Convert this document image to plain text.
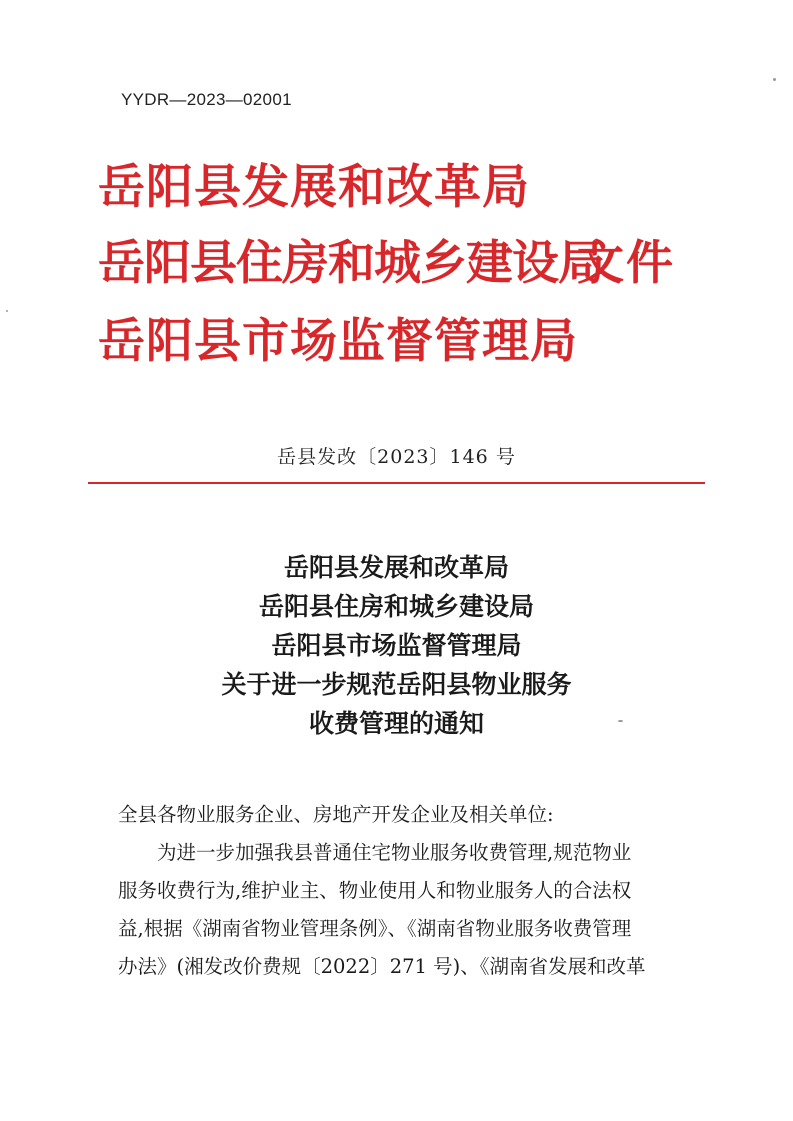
YYDR—2023—02001
岳阳县发展和改革局
岳阳县住房和城乡建设局
文件
岳阳县市场监督管理局
岳县发改〔2023〕146 号
岳阳县发展和改革局
岳阳县住房和城乡建设局
岳阳县市场监督管理局
关于进一步规范岳阳县物业服务
收费管理的通知
全县各物业服务企业、房地产开发企业及相关单位:
为进一步加强我县普通住宅物业服务收费管理,规范物业
服务收费行为,维护业主、物业使用人和物业服务人的合法权
益,根据《湖南省物业管理条例》、《湖南省物业服务收费管理
办法》(湘发改价费规〔2022〕271 号)、《湖南省发展和改革
